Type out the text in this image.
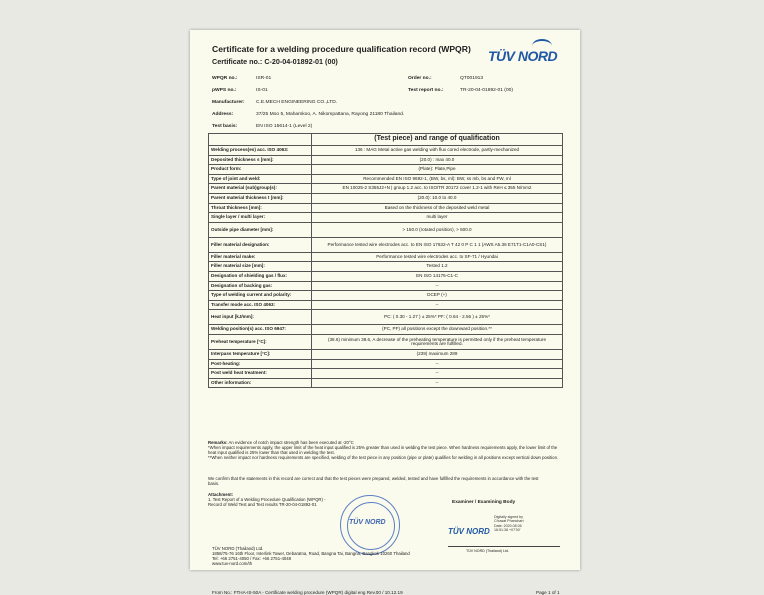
Certificate for a welding procedure qualification record (WPQR)
Certificate no.: C-20-04-01892-01 (00)	TÜV NORD
WPQR no.:	ISR-01	Order no.:	QT001913
pWPS no.:	IS-01	Test report no.:	TR-20-04-01892-01 (00)
Manufacturer: C.E.MECH ENGINEERING CO.,LTD.
Address:	37/25 Moo 5, Mahamkoo, A. Nikompattana, Rayong 21180 Thailand.
Test basis:	EN ISO 15614-1 (Level 2)
	(Test piece) and range of qualification
Welding process(es) acc. ISO 4063:	136 : MAG Metal active gas welding with flux cored electrode, partly-mechanized
Deposited thickness s [mm]:	(20.0) : max 40.0
Product form:	(Plate): Plate,Pipe
Type of joint and weld:	Recommended EN ISO 9692-1, (BW, bs, ml): BW, ss mb, bs and FW, ml
Parent material (sub)group(s):	EN 10025-2 S355J2+N | group 1.2 acc. to ISO/TR 20172 cover 1.2-1 with ReH ≤ 355 N/mm2
Parent material thickness t [mm]:	(20.0): 10.0 to 40.0
Throat thickness [mm]:	Based on the thickness of the deposited weld metal
Single layer / multi layer:	multi layer
Outside pipe diameter [mm]:	> 150.0 (rotated position), > 500.0
Filler material designation:	Performance tested wire electrodes acc. to EN ISO 17632-A T 42 0 P C 1 1 (AWS A5.36 E71T1-C1A0-CS1)
Filler material make:	Performance tested wire electrodes acc. to SF-71 / Hyundai
Filler material size [mm]:	Tested 1.2
Designation of shielding gas / flux:	EN ISO 14175-C1-C
Designation of backing gas:	--
Type of welding current and polarity:	DCEP (+)
Transfer mode acc. ISO 4063:	--
Heat input [kJ/mm]:	PC: ( 0.30 - 1.27 ) ± 25%* PF: ( 0.64 - 2.56 ) ± 25%*
Welding position(s) acc. ISO 6947:	(PC, PF) all positions except the downward position.**
Preheat temperature [°C]:	(38.6) minimum 38.6, A decrease of the preheating temperature is permitted only if the preheat temperature requirements are fulfilled.
Interpass temperature [°C]:	(239) maximum 289
Post-heating:	--
Post weld heat treatment:	--
Other information:	--
Remarks: An evidence of notch impact strength has been executed at -20°C
*When impact requirements apply, the upper limit of the heat input qualified is 25% greater than used in welding the test piece. When hardness requirements apply, the lower limit of the heat input qualified is 25% lower than that used in welding the test.
**When neither impact nor hardness requirements are specified, welding of the test piece in any position (pipe or plate) qualifies for welding in all positions except vertical down position.
We confirm that the statements in this record are correct and that the test pieces were prepared, welded, tested and have fulfilled the requirements in accordance with the test basis.
Attachment:
1. Test Report of a Welding Procedure Qualification (WPQR) - Record of Weld Test and Test results TR-20-04-01892-01
TÜV NORD
Examiner / Examining Body
TÜV NORD
Digitally signed by
Chuwat Phanchart
Date: 2020.08.06
16:51:38 +07'00'
TÜV NORD (Thailand) Ltd.
TÜV NORD (Thailand) Ltd.
1858/75-76 16th Floor, Interlink Tower, Debaratna, Road, Bangna Tai, Bangna, Bangkok 10260 Thailand
Tel: +66 2751-4050 / Fax: +66 2751-4048
www.tuv-nord.com/th
From No.: FTHA-IS-50A - Certificate welding procedure (WPQR) digital eng Rev.00 / 10.12.19	Page 1 of 1
